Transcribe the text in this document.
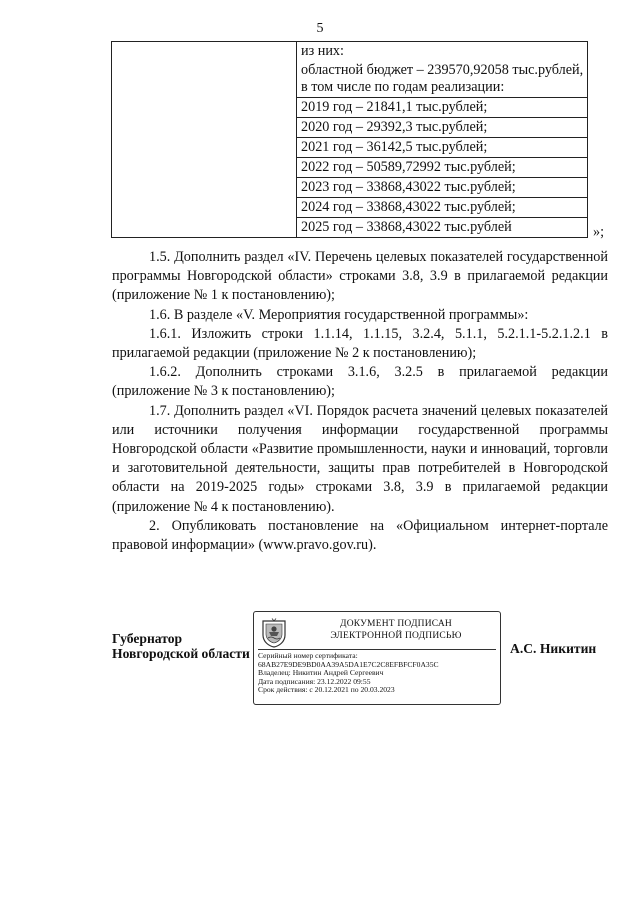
5

из них:
областной бюджет – 239570,92058 тыс.рублей, в том числе по годам реализации:
2019 год – 21841,1 тыс.рублей;
2020 год – 29392,3 тыс.рублей;
2021 год – 36142,5 тыс.рублей;
2022 год – 50589,72992 тыс.рублей;
2023 год – 33868,43022 тыс.рублей;
2024 год – 33868,43022 тыс.рублей;
2025 год – 33868,43022 тыс.рублей	»;

1.5. Дополнить раздел «IV. Перечень целевых показателей государственной программы Новгородской области» строками 3.8, 3.9 в прилагаемой редакции (приложение № 1 к постановлению);

1.6. В разделе «V. Мероприятия государственной программы»:

1.6.1. Изложить строки 1.1.14, 1.1.15, 3.2.4, 5.1.1, 5.2.1.1-5.2.1.2.1 в прилагаемой редакции (приложение № 2 к постановлению);

1.6.2. Дополнить строками 3.1.6, 3.2.5 в прилагаемой редакции (приложение № 3 к постановлению);

1.7. Дополнить раздел «VI. Порядок расчета значений целевых показателей или источники получения информации государственной программы Новгородской области «Развитие промышленности, науки и инноваций, торговли и заготовительной деятельности, защиты прав потребителей в Новгородской области на 2019-2025 годы» строками 3.8, 3.9 в прилагаемой редакции (приложение № 4 к постановлению).

2. Опубликовать постановление на «Официальном интернет-портале правовой информации» (www.pravo.gov.ru).

Губернатор
Новгородской области
ДОКУМЕНТ ПОДПИСАН
ЭЛЕКТРОННОЙ ПОДПИСЬЮ
Серийный номер сертификата:
68AB27E9DE9BD0AA39A5DA1E7C2C8EFBFCF0A35C
Владелец: Никитин Андрей Сергеевич
Дата подписания: 23.12.2022 09:55
Срок действия: с 20.12.2021 по 20.03.2023
А.С. Никитин
